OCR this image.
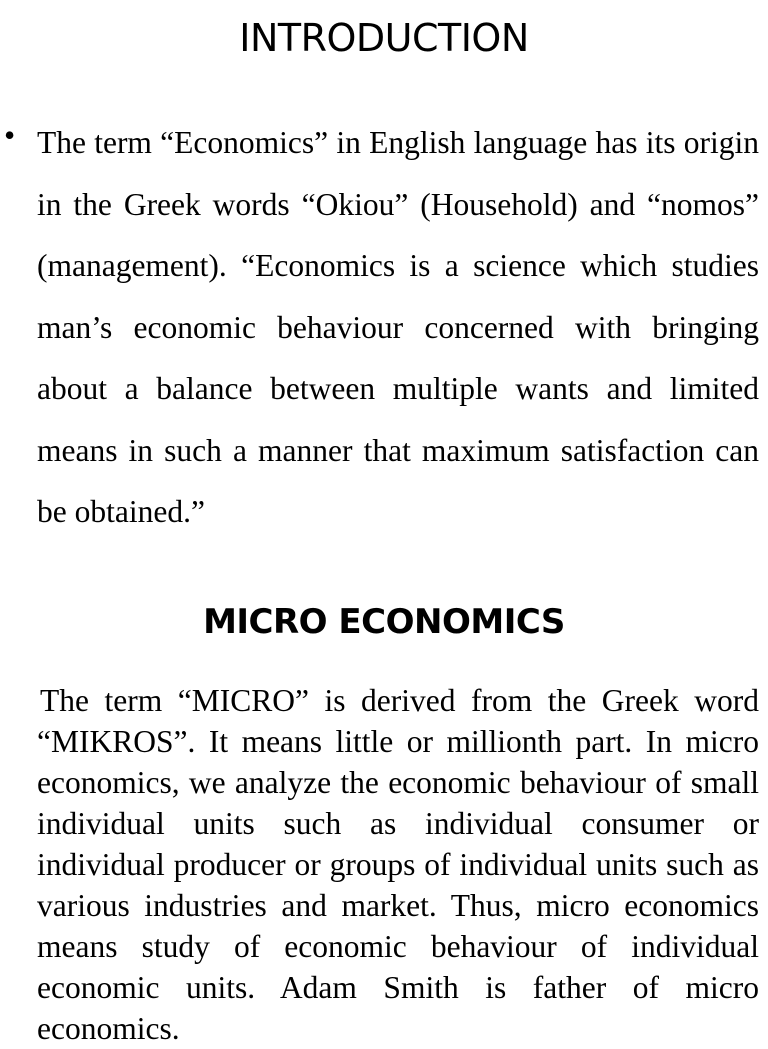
INTRODUCTION
• The term “Economics” in English language has its origin in the Greek words “Okiou” (Household) and “nomos” (management). “Economics is a science which studies man’s economic behaviour concerned with bringing about a balance between multiple wants and limited means in such a manner that maximum satisfaction can be obtained.”

MICRO ECONOMICS

The term “MICRO” is derived from the Greek word “MIKROS”. It means little or millionth part. In micro economics, we analyze the economic behaviour of small individual units such as individual consumer or individual producer or groups of individual units such as various industries and market. Thus, micro economics means study of economic behaviour of individual economic units. Adam Smith is father of micro economics.
